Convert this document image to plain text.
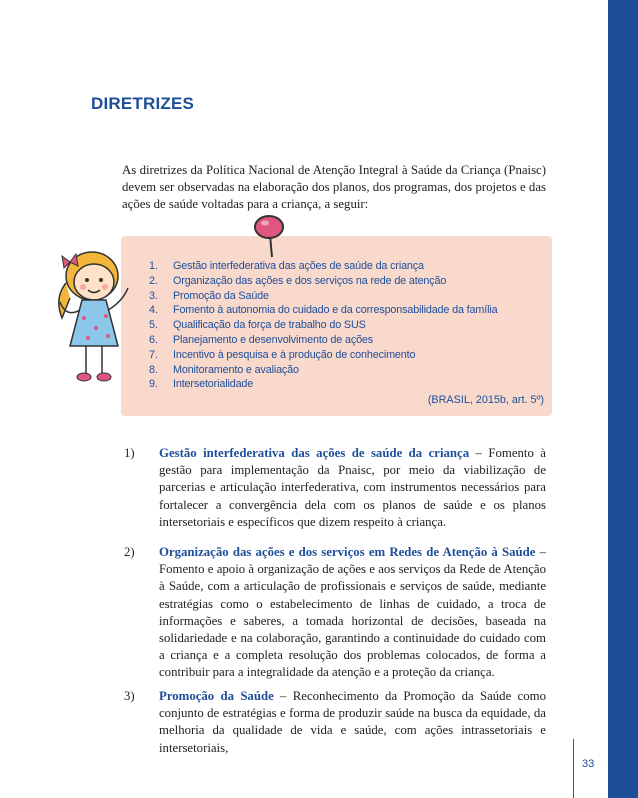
DIRETRIZES

As diretrizes da Política Nacional de Atenção Integral à Saúde da Criança (Pnaisc) devem ser observadas na elaboração dos planos, dos programas, dos projetos e das ações de saúde voltadas para a criança, a seguir:

1.	Gestão interfederativa das ações de saúde da criança
2.	Organização das ações e dos serviços na rede de atenção
3.	Promoção da Saúde
4.	Fomento à autonomia do cuidado e da corresponsabilidade da família
5.	Qualificação da força de trabalho do SUS
6.	Planejamento e desenvolvimento de ações
7.	Incentivo à pesquisa e à produção de conhecimento
8.	Monitoramento e avaliação
9.	Intersetorialidade
(BRASIL, 2015b, art. 5º)
1) Gestão interfederativa das ações de saúde da criança – Fomento à gestão para implementação da Pnaisc, por meio da viabilização de parcerias e articulação interfederativa, com instrumentos necessários para fortalecer a convergência dela com os planos de saúde e os planos intersetoriais e específicos que dizem respeito à criança.
2) Organização das ações e dos serviços em Redes de Atenção à Saúde – Fomento e apoio à organização de ações e aos serviços da Rede de Atenção à Saúde, com a articulação de profissionais e serviços de saúde, mediante estratégias como o estabelecimento de linhas de cuidado, a troca de informações e saberes, a tomada horizontal de decisões, baseada na solidariedade e na colaboração, garantindo a continuidade do cuidado com a criança e a completa resolução dos problemas colocados, de forma a contribuir para a integralidade da atenção e a proteção da criança.
3) Promoção da Saúde – Reconhecimento da Promoção da Saúde como conjunto de estratégias e forma de produzir saúde na busca da equidade, da melhoria da qualidade de vida e saúde, com ações intrassetoriais e intersetoriais,
33
